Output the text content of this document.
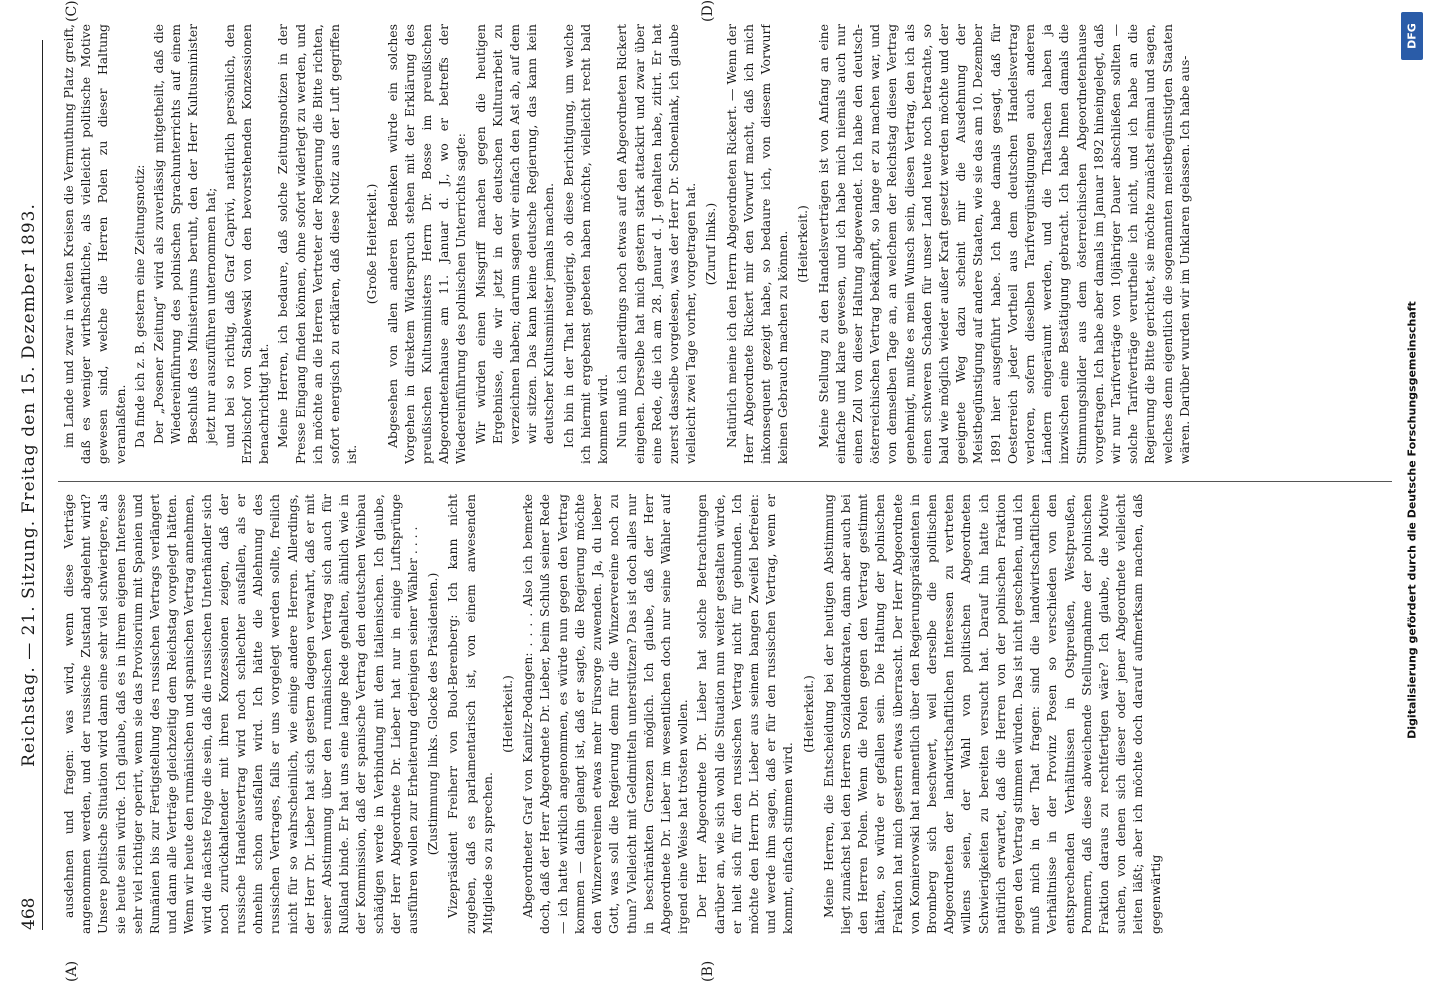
468
Reichstag. — 21. Sitzung. Freitag den 15. Dezember 1893.
(A)	(B)
(C)	(D)

ausdehnen und fragen: was wird, wenn diese Verträge angenommen werden, und der russische Zustand abgelehnt wird? Unsere politische Situation wird dann eine sehr viel schwierigere, als sie heute sein würde. Ich glaube, daß es in ihrem eigenen Interesse sehr viel richtiger operirt, wenn sie das Provisorium mit Spanien und Rumänien bis zur Fertigstellung des russischen Vertrags verlängert und dann alle Verträge gleichzeitig dem Reichstag vorgelegt hätten. Wenn wir heute den rumänischen und spanischen Vertrag annehmen, wird die nächste Folge die sein, daß die russischen Unterhändler sich noch zurückhaltender mit ihren Konzessionen zeigen, daß der russische Handelsvertrag wird noch schlechter ausfallen, als er ohnehin schon ausfallen wird. Ich hätte die Ablehnung des russischen Vertrages, falls er uns vorgelegt werden sollte, freilich nicht für so wahrscheinlich, wie einige andere Herren. Allerdings, der Herr Dr. Lieber hat sich gestern dagegen verwahrt, daß er mit seiner Abstimmung über den rumänischen Vertrag sich auch für Rußland binde. Er hat uns eine lange Rede gehalten, ähnlich wie in der Kommission, daß der spanische Vertrag den deutschen Weinbau schädigen werde in Verbindung mit dem italienischen. Ich glaube, der Herr Abgeordnete Dr. Lieber hat nur in einige Luftsprünge ausführen wollen zur Erheiterung derjenigen seiner Wähler . . . . (Zustimmung links. Glocke des Präsidenten.) Vizepräsident Freiherr von Buol-Berenberg: Ich kann nicht zugeben, daß es parlamentarisch ist, von einem anwesenden Mitgliede so zu sprechen.

(Heiterkeit.) Abgeordneter Graf von Kanitz-Podangen: . . . . Also ich bemerke doch, daß der Herr Abgeordnete Dr. Lieber, beim Schluß seiner Rede — ich hatte wirklich angenommen, es würde nun gegen den Vertrag kommen — dahin gelangt ist, daß er sagte, die Regierung möchte den Winzervereinen etwas mehr Fürsorge zuwenden. Ja, du lieber Gott, was soll die Regierung denn für die Winzervereine noch zu thun? Vielleicht mit Geldmitteln unterstützen? Das ist doch alles nur in beschränkten Grenzen möglich. Ich glaube, daß der Herr Abgeordnete Dr. Lieber im wesentlichen doch nur seine Wähler auf irgend eine Weise hat trösten wollen. Der Herr Abgeordnete Dr. Lieber hat solche Betrachtungen darüber an, wie sich wohl die Situation nun weiter gestalten würde, er hielt sich für den russischen Vertrag nicht für gebunden. Ich möchte den Herrn Dr. Lieber aus seinem bangen Zweifel befreien: und werde ihm sagen, daß er für den russischen Vertrag, wenn er kommt, einfach stimmen wird.

(Heiterkeit.) Meine Herren, die Entscheidung bei der heutigen Abstimmung liegt zunächst bei den Herren Sozialdemokraten, dann aber auch bei den Herren Polen. Wenn die Polen gegen den Vertrag gestimmt hätten, so würde er gefallen sein. Die Haltung der polnischen Fraktion hat mich gestern etwas überrascht. Der Herr Abgeordnete von Komierowski hat namentlich über den Regierungspräsidenten in Bromberg sich beschwert, weil derselbe die politischen Abgeordneten der landwirtschaftlichen Interessen zu vertreten willens seien, der Wahl von politischen Abgeordneten Schwierigkeiten zu bereiten versucht hat. Darauf hin hatte ich natürlich erwartet, daß die Herren von der polnischen Fraktion gegen den Vertrag stimmen würden. Das ist nicht geschehen, und ich muß mich in der That fragen: sind die landwirtschaftlichen Verhältnisse in der Provinz Posen so verschieden von den entsprechenden Verhältnissen in Ostpreußen, Westpreußen, Pommern, daß diese abweichende Stellungnahme der polnischen Fraktion daraus zu rechtfertigen wäre? Ich glaube, die Motive suchen, von denen sich dieser oder jener Abgeordnete vielleicht leiten läßt; aber ich möchte doch darauf aufmerksam machen, daß gegenwärtig

im Lande und zwar in weiten Kreisen die Vermuthung Platz greift, daß es weniger wirthschaftliche, als vielleicht politische Motive gewesen sind, welche die Herren Polen zu dieser Haltung veranlaßten. Da finde ich z. B. gestern eine Zeitungsnotiz: Der „Posener Zeitung“ wird als zuverlässig mitgetheilt, daß die Wiedereinführung des polnischen Sprachunterrichts auf einem Beschluß des Ministeriums beruht, den der Herr Kultusminister jetzt nur auszuführen unternommen hat; und bei so richtig, daß Graf Caprivi, natürlich persönlich, den Erzbischof von Stablewski von den bevorstehenden Konzessionen benachrichtigt hat. Meine Herren, ich bedaure, daß solche Zeitungsnotizen in der Presse Eingang finden können, ohne sofort widerlegt zu werden, und ich möchte an die Herren Vertreter der Regierung die Bitte richten, sofort energisch zu erklären, daß diese Notiz aus der Luft gegriffen ist.

(Große Heiterkeit.) Abgesehen von allen anderen Bedenken würde ein solches Vorgehen in direktem Widerspruch stehen mit der Erklärung des preußischen Kultusministers Herrn Dr. Bosse im preußischen Abgeordnetenhause am 11. Januar d. J., wo er betreffs der Wiedereinführung des polnischen Unterrichts sagte: Wir würden einen Missgriff machen gegen die heutigen Ergebnisse, die wir jetzt in der deutschen Kulturarbeit zu verzeichnen haben; darum sagen wir einfach den Ast ab, auf dem wir sitzen. Das kann keine deutsche Regierung, das kann kein deutscher Kultusminister jemals machen. Ich bin in der That neugierig, ob diese Berichtigung, um welche ich hiermit ergebenst gebeten haben möchte, vielleicht recht bald kommen wird. Nun muß ich allerdings noch etwas auf den Abgeordneten Rickert eingehen. Derselbe hat mich gestern stark attackirt und zwar über eine Rede, die ich am 28. Januar d. J. gehalten habe, zitirt. Er hat zuerst dasselbe vorgelesen, was der Herr Dr. Schoenlank, ich glaube vielleicht zwei Tage vorher, vorgetragen hat. (Zuruf links.) Natürlich meine ich den Herrn Abgeordneten Rickert. — Wenn der Herr Abgeordnete Rickert mir den Vorwurf macht, daß ich mich inkonsequent gezeigt habe, so bedaure ich, von diesem Vorwurf keinen Gebrauch machen zu können. (Heiterkeit.) Meine Stellung zu den Handelsverträgen ist von Anfang an eine einfache und klare gewesen, und ich habe mich niemals auch nur einen Zoll von dieser Haltung abgewendet. Ich habe den deutsch-österreichischen Vertrag bekämpft, so lange er zu machen war, und von demselben Tage an, an welchem der Reichstag diesen Vertrag genehmigt, mußte es mein Wunsch sein, diesen Vertrag, den ich als einen schweren Schaden für unser Land heute noch betrachte, so bald wie möglich wieder außer Kraft gesetzt werden möchte und der geeignete Weg dazu scheint mir die Ausdehnung der Meistbegünstigung auf andere Staaten, wie sie das am 10. Dezember 1891 hier ausgeführt habe. Ich habe damals gesagt, daß für Oesterreich jeder Vortheil aus dem deutschen Handelsvertrag verloren, sofern dieselben Tarifvergünstigungen auch anderen Ländern eingeräumt werden, und die Thatsachen haben ja inzwischen eine Bestätigung gebracht. Ich habe Ihnen damals die Stimmungsbilder aus dem österreichischen Abgeordnetenhause vorgetragen. Ich habe aber damals im Januar 1892 hineingelegt, daß wir nur Tarifverträge von 10jähriger Dauer abschließen sollten — solche Tarifverträge verurtheile ich nicht, und ich habe an die Regierung die Bitte gerichtet, sie möchte zunächst einmal und sagen, welches denn eigentlich die sogenannten meistbegünstigten Staaten wären. Darüber wurden wir im Unklaren gelassen. Ich habe aus-

DFG
Digitalisierung gefördert durch die Deutsche Forschungsgemeinschaft
